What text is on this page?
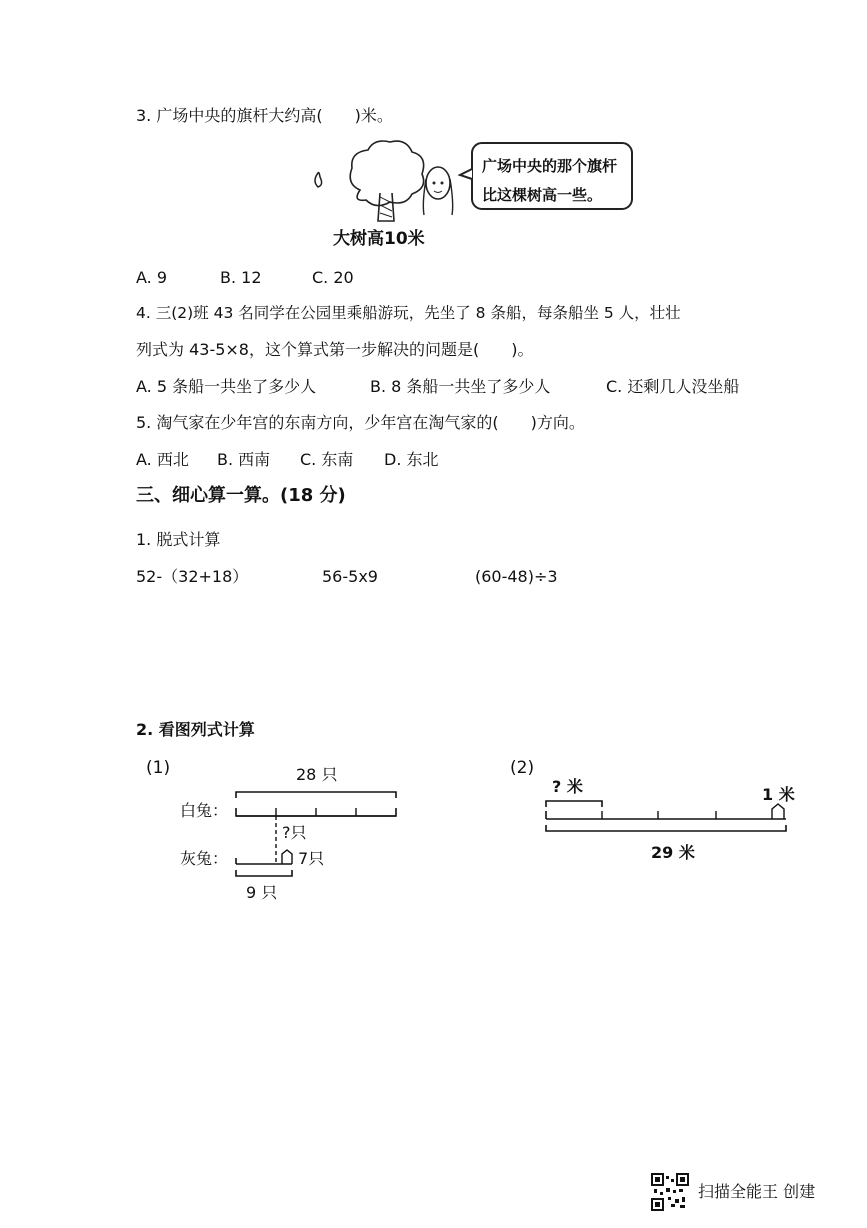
3. 广场中央的旗杆大约高(　　)米。
广场中央的那个旗杆
比这棵树高一些。
大树高10米
A. 9	B. 12	C. 20
4. 三(2)班 43 名同学在公园里乘船游玩，先坐了 8 条船，每条船坐 5 人，壮壮
列式为 43-5×8，这个算式第一步解决的问题是(　　)。
A. 5 条船一共坐了多少人	B. 8 条船一共坐了多少人	C. 还剩几人没坐船
5. 淘气家在少年宫的东南方向，少年宫在淘气家的(　　)方向。
A. 西北 B. 西南 C. 东南 D. 东北
三、细心算一算。(18 分)
1. 脱式计算
52-（32+18）	56-5x9	(60-48)÷3
2. 看图列式计算
(1)	28 只
白兔：
?只
灰兔：	7只
9 只
(2)
? 米	1 米
29 米
扫描全能王 创建
